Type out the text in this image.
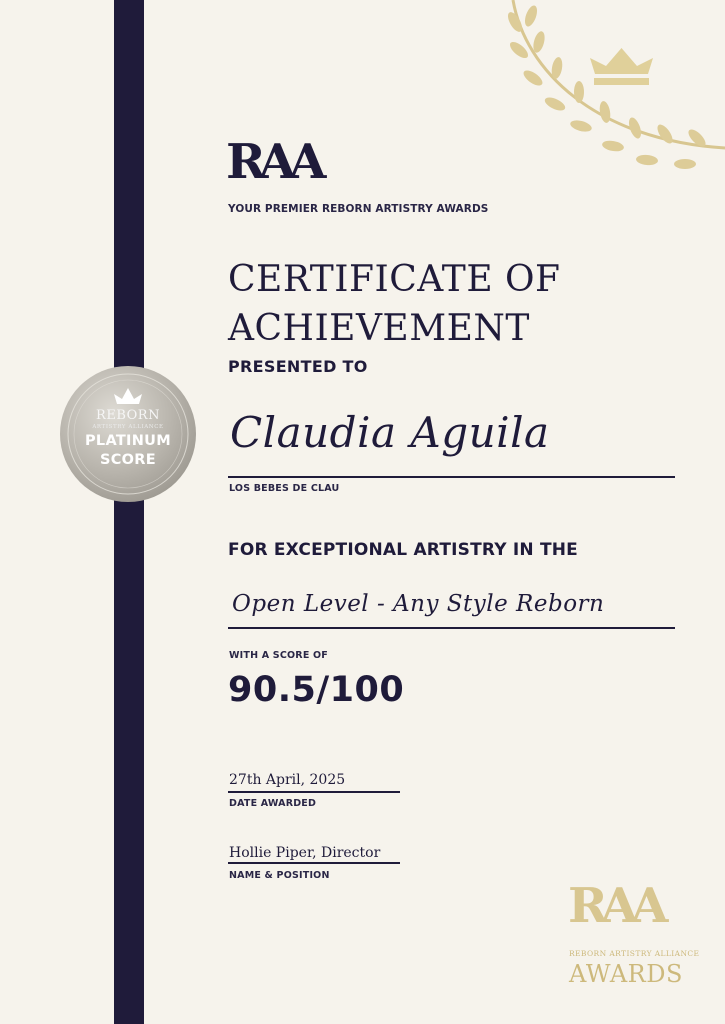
REBORN
ARTISTRY ALLIANCE
PLATINUM
SCORE
RAA
YOUR PREMIER REBORN ARTISTRY AWARDS
CERTIFICATE OF
ACHIEVEMENT
PRESENTED TO
Claudia Aguila
LOS BEBES DE CLAU
FOR EXCEPTIONAL ARTISTRY IN THE
Open Level - Any Style Reborn
WITH A SCORE OF
90.5/100
27th April, 2025
DATE AWARDED
Hollie Piper, Director
NAME & POSITION
RAA
REBORN ARTISTRY ALLIANCE
AWARDS
